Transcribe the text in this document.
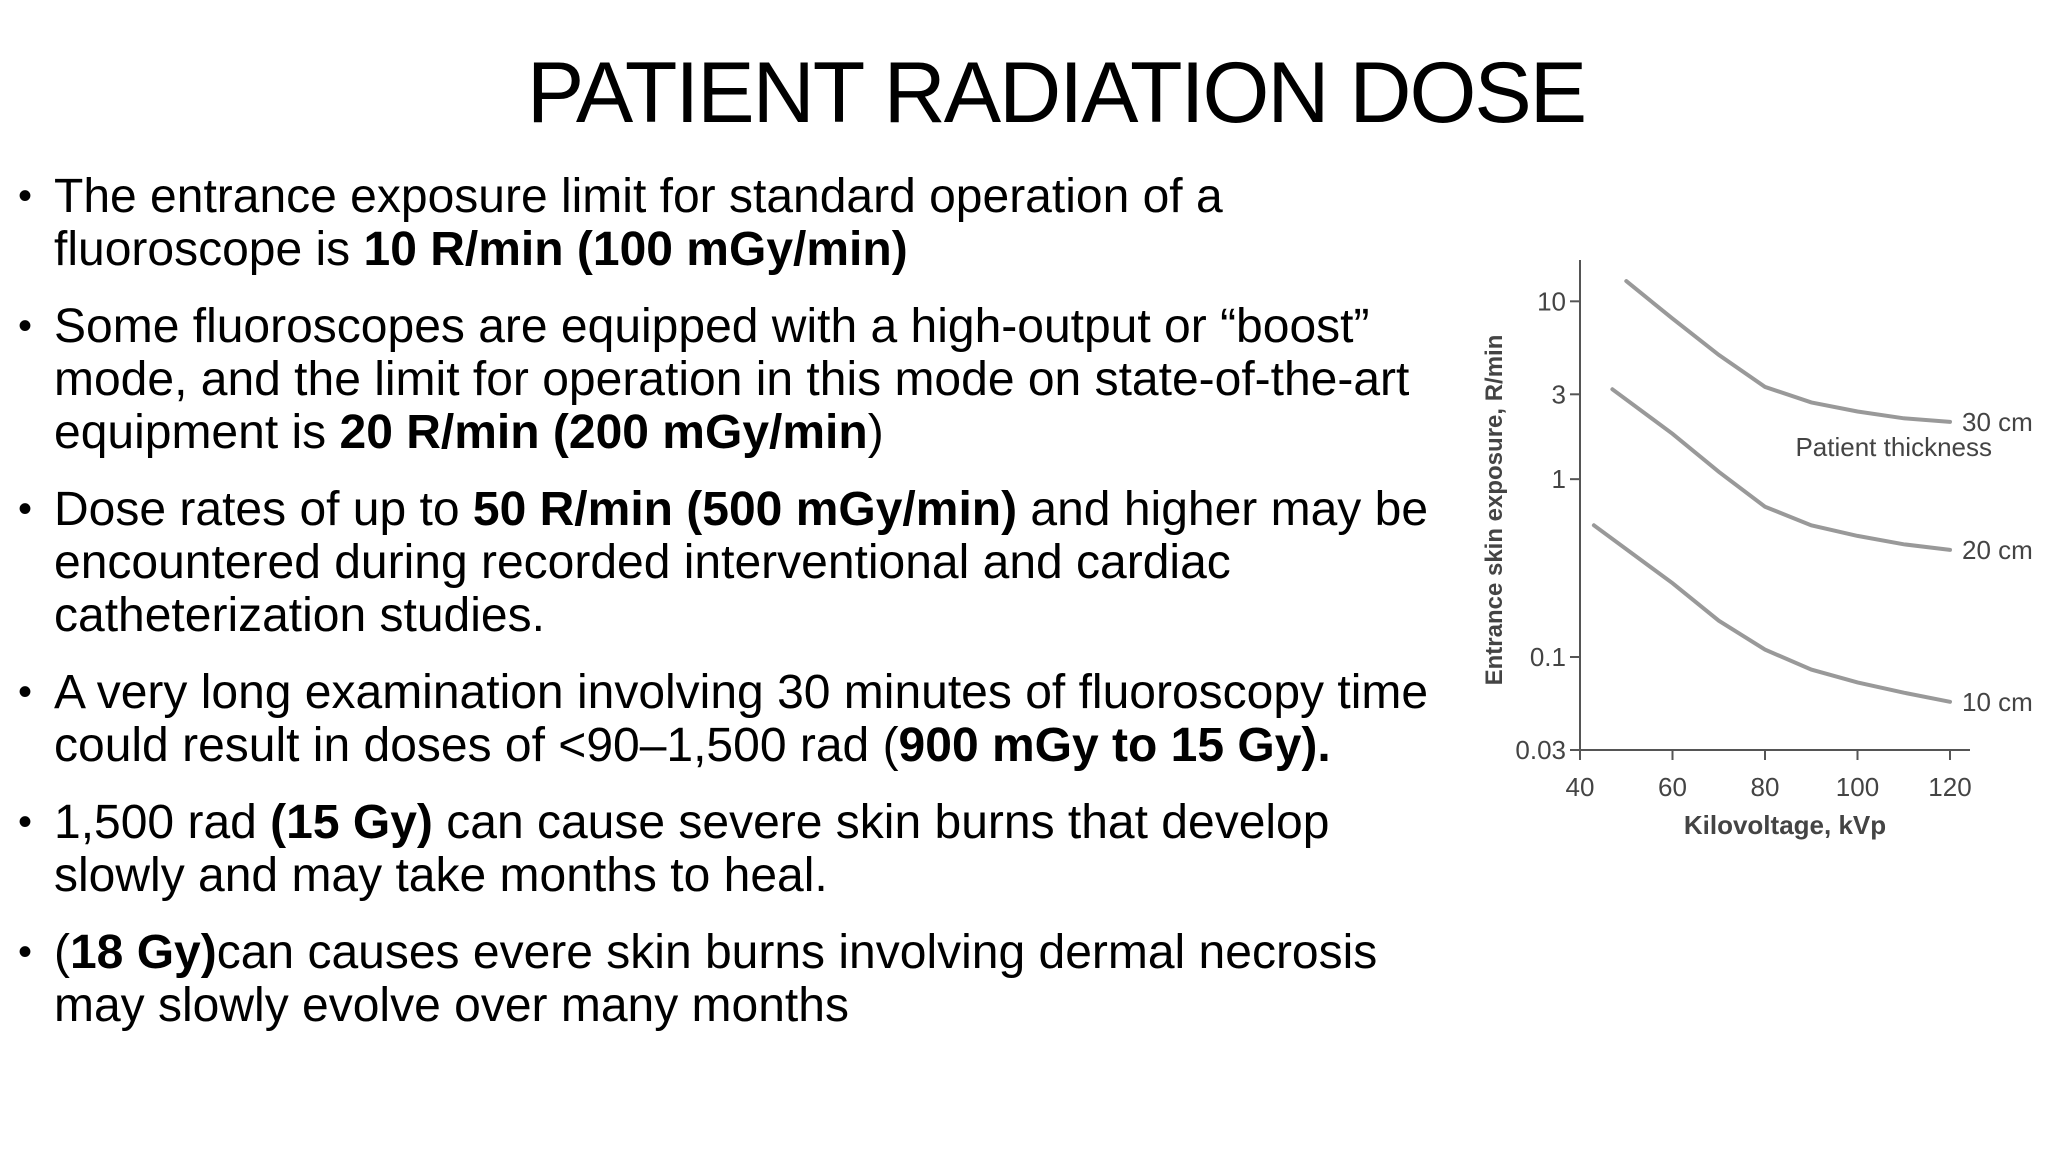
PATIENT RADIATION DOSE
• The entrance exposure limit for standard operation of a fluoroscope is 10 R/min (100 mGy/min)
• Some fluoroscopes are equipped with a high-output or “boost” mode, and the limit for operation in this mode on state-of-the-art equipment is 20 R/min (200 mGy/min)
• Dose rates of up to 50 R/min (500 mGy/min) and higher may be encountered during recorded interventional and cardiac catheterization studies.
• A very long examination involving 30 minutes of fluoroscopy time could result in doses of <90–1,500 rad (900 mGy to 15 Gy).
• 1,500 rad (15 Gy) can cause severe skin burns that develop slowly and may take months to heal.
• (18 Gy)can causes evere skin burns involving dermal necrosis may slowly evolve over many months
0.03
0.1
1
3
10
40 60 80 100 120
Kilovoltage, kVp
Entrance skin exposure, R/min	30 cm
20 cm
10 cm
Patient thickness
